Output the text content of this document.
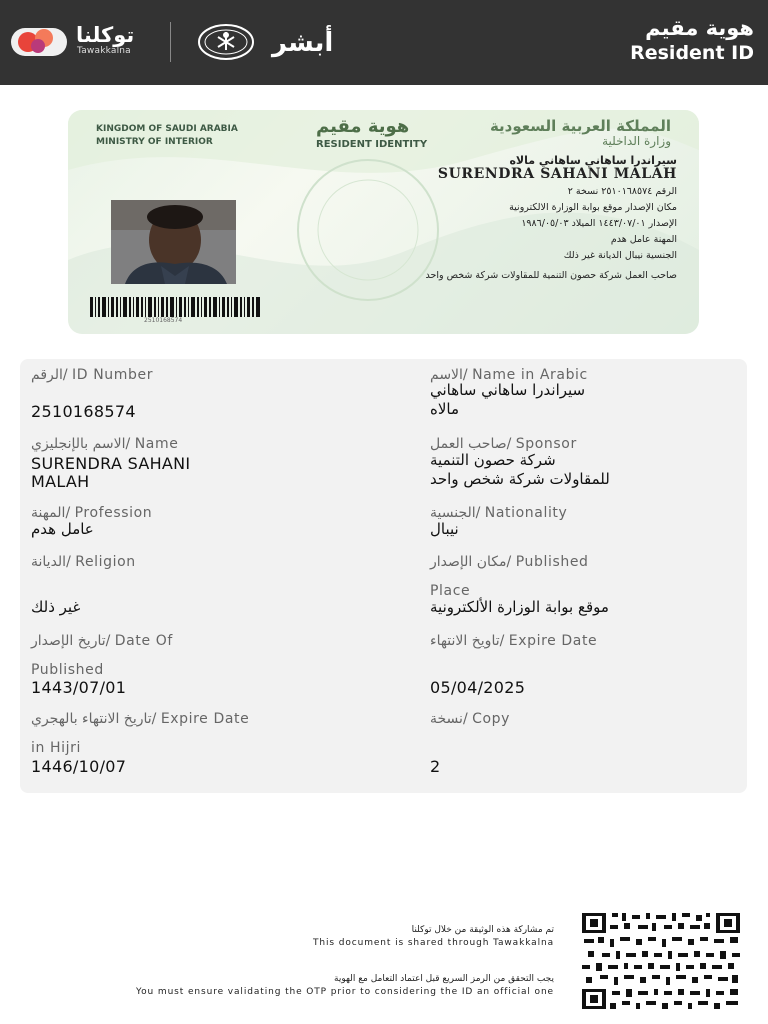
توكلنا
Tawakkalna	أبشر	هوية مقيم
Resident ID
KINGDOM OF SAUDI ARABIA
MINISTRY OF INTERIOR
هوية مقيم
RESIDENT IDENTITY
المملكة العربية السعودية
وزارة الداخلية
سيراندرا ساهاني ساهاني مالاه
SURENDRA SAHANI MALAH
الرقم ٢٥١٠١٦٨٥٧٤ نسخة ٢
مكان الإصدار موقع بوابة الوزارة الالكترونية
الإصدار ١٤٤٣/٠٧/٠١ الميلاد ١٩٨٦/٠٥/٠٣
المهنة عامل هدم
الجنسية نيبال الديانة غير ذلك
صاحب العمل شركة حصون التنمية للمقاولات شركة شخص واحد
2510168574
الرقم/ ID Number
2510168574
الاسم/ Name in Arabic
سيراندرا ساهاني ساهاني
مالاه
الاسم بالإنجليزي/ Name
SURENDRA SAHANI
MALAH
صاحب العمل/ Sponsor
شركة حصون التنمية
للمقاولات شركة شخص واحد
المهنة/ Profession
عامل هدم
الجنسية/ Nationality
نيبال
الديانة/ Religion
غير ذلك
مكان الإصدار/ Published
Place
موقع بوابة الوزارة الألكترونية
تاريخ الإصدار/ Date Of
Published
1443/07/01
تاويخ الانتهاء/ Expire Date
05/04/2025
تاريخ الانتهاء بالهجري/ Expire Date
in Hijri
1446/10/07
نسخة/ Copy
2
تم مشاركة هذه الوثيقة من خلال توكلنا
This document is shared through Tawakkalna
يجب التحقق من الرمز السريع قبل اعتماد التعامل مع الهوية
You must ensure validating the OTP prior to considering the ID an official one
